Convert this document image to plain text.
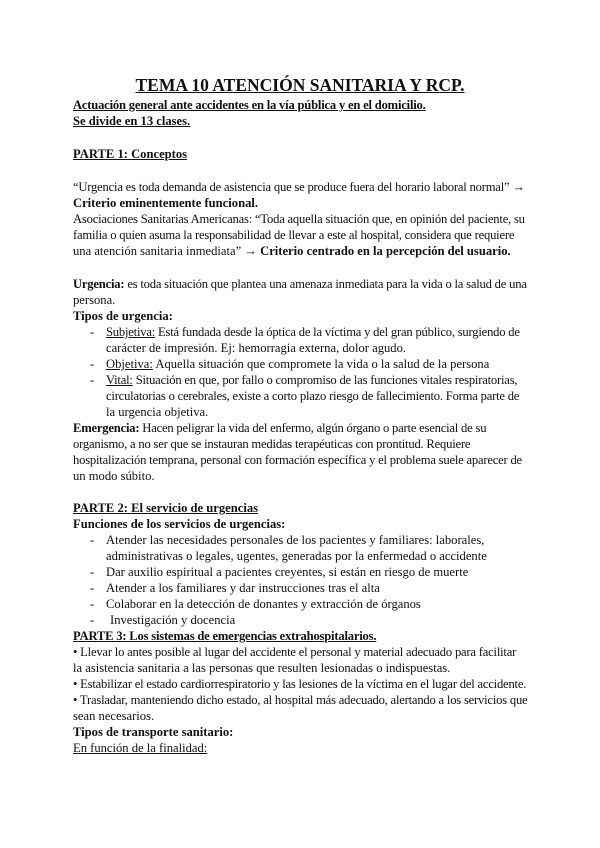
TEMA 10 ATENCIÓN SANITARIA Y RCP.
Actuación general ante accidentes en la vía pública y en el domicilio.
Se divide en 13 clases.
PARTE 1: Conceptos
“Urgencia es toda demanda de asistencia que se produce fuera del horario laboral normal” →
Criterio eminentemente funcional.
Asociaciones Sanitarias Americanas: “Toda aquella situación que, en opinión del paciente, su
familia o quien asuma la responsabilidad de llevar a este al hospital, considera que requiere
una atención sanitaria inmediata” → Criterio centrado en la percepción del usuario.
Urgencia: es toda situación que plantea una amenaza inmediata para la vida o la salud de una
persona.
Tipos de urgencia:
- Subjetiva: Está fundada desde la óptica de la víctima y del gran público, surgiendo de
carácter de impresión. Ej: hemorragia externa, dolor agudo.
- Objetiva: Aquella situación que compromete la vida o la salud de la persona
- Vital: Situación en que, por fallo o compromiso de las funciones vitales respiratorias,
circulatorias o cerebrales, existe a corto plazo riesgo de fallecimiento. Forma parte de
la urgencia objetiva.
Emergencia: Hacen peligrar la vida del enfermo, algún órgano o parte esencial de su
organismo, a no ser que se instauran medidas terapéuticas con prontitud. Requiere
hospitalización temprana, personal con formación específica y el problema suele aparecer de
un modo súbito.
PARTE 2: El servicio de urgencias
Funciones de los servicios de urgencias:
- Atender las necesidades personales de los pacientes y familiares: laborales,
administrativas o legales, ugentes, generadas por la enfermedad o accidente
- Dar auxilio espiritual a pacientes creyentes, si están en riesgo de muerte
- Atender a los familiares y dar instrucciones tras el alta
- Colaborar en la detección de donantes y extracción de órganos
- Investigación y docencia
PARTE 3: Los sistemas de emergencias extrahospitalarios.
• Llevar lo antes posible al lugar del accidente el personal y material adecuado para facilitar
la asistencia sanitaria a las personas que resulten lesionadas o indispuestas.
• Estabilizar el estado cardiorrespiratorio y las lesiones de la víctima en el lugar del accidente.
• Trasladar, manteniendo dicho estado, al hospital más adecuado, alertando a los servicios que
sean necesarios.
Tipos de transporte sanitario:
En función de la finalidad:
